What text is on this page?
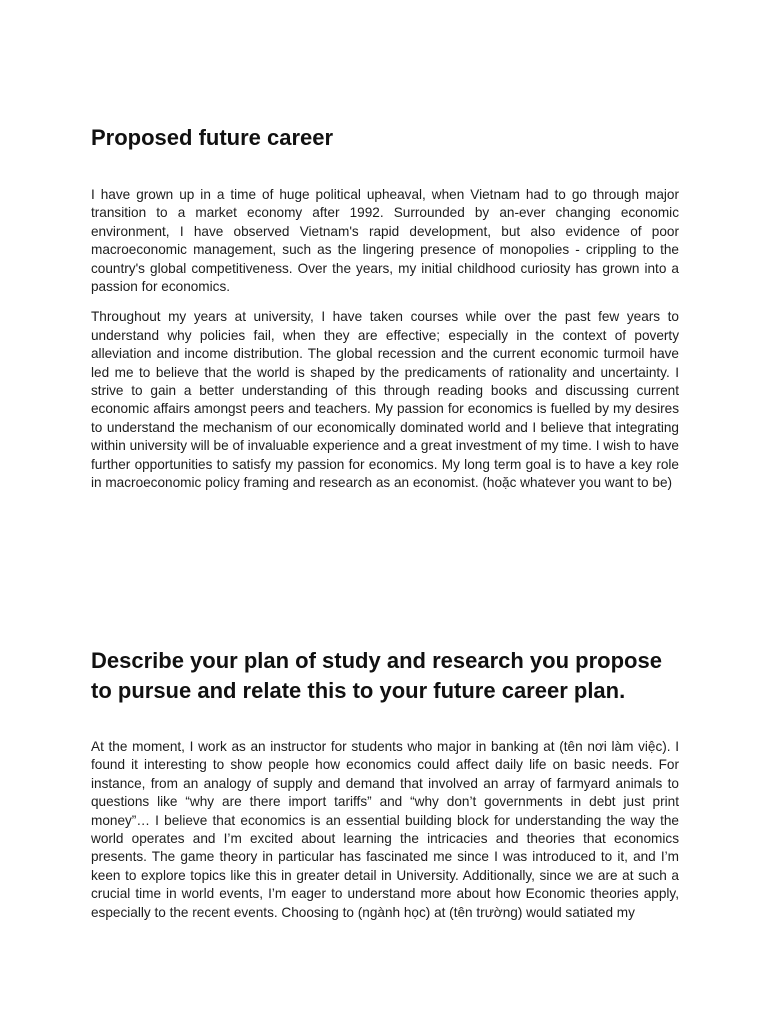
Proposed future career

I have grown up in a time of huge political upheaval, when Vietnam had to go through major transition to a market economy after 1992. Surrounded by an-ever changing economic environment, I have observed Vietnam's rapid development, but also evidence of poor macroeconomic management, such as the lingering presence of monopolies - crippling to the country's global competitiveness. Over the years, my initial childhood curiosity has grown into a passion for economics.

Throughout my years at university, I have taken courses while over the past few years to understand why policies fail, when they are effective; especially in the context of poverty alleviation and income distribution. The global recession and the current economic turmoil have led me to believe that the world is shaped by the predicaments of rationality and uncertainty. I strive to gain a better understanding of this through reading books and discussing current economic affairs amongst peers and teachers. My passion for economics is fuelled by my desires to understand the mechanism of our economically dominated world and I believe that integrating within university will be of invaluable experience and a great investment of my time. I wish to have further opportunities to satisfy my passion for economics. My long term goal is to have a key role in macroeconomic policy framing and research as an economist. (hoặc whatever you want to be)

Describe your plan of study and research you propose to pursue and relate this to your future career plan.

At the moment, I work as an instructor for students who major in banking at (tên nơi làm việc). I found it interesting to show people how economics could affect daily life on basic needs. For instance, from an analogy of supply and demand that involved an array of farmyard animals to questions like “why are there import tariffs” and “why don’t governments in debt just print money”… I believe that economics is an essential building block for understanding the way the world operates and I’m excited about learning the intricacies and theories that economics presents. The game theory in particular has fascinated me since I was introduced to it, and I’m keen to explore topics like this in greater detail in University. Additionally, since we are at such a crucial time in world events, I’m eager to understand more about how Economic theories apply, especially to the recent events. Choosing to (ngành học) at (tên trường) would satiated my
